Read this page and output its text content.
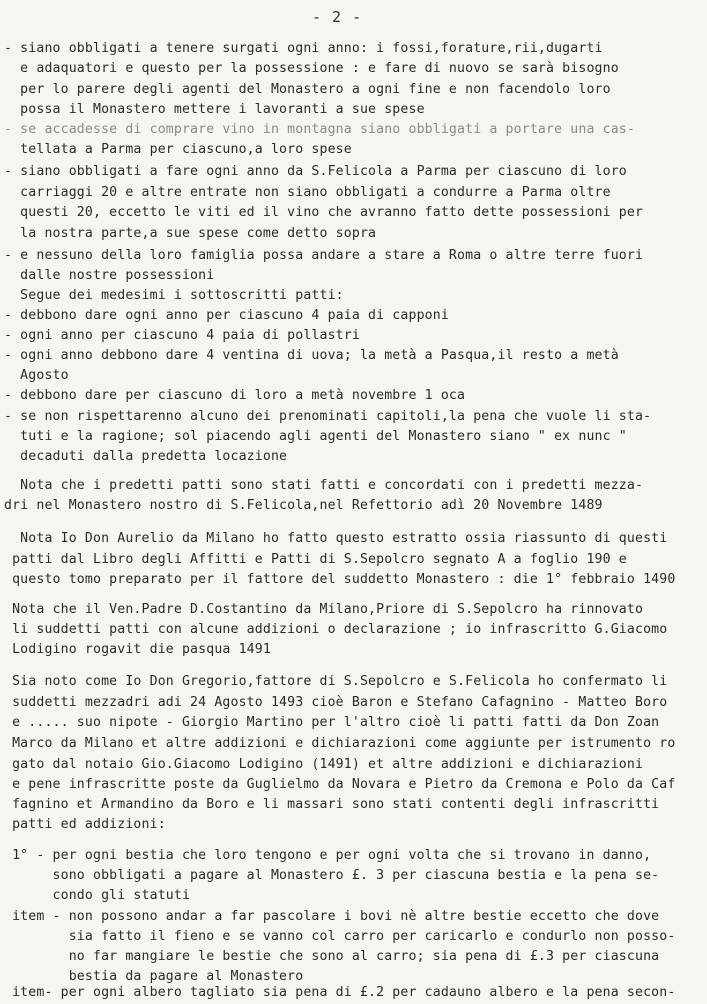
- 2 -
- siano obbligati a tenere surgati ogni anno: i fossi,forature,rii,dugarti
e adaquatori e questo per la possessione : e fare di nuovo se sarà bisogno
per lo parere degli agenti del Monastero a ogni fine e non facendolo loro
possa il Monastero mettere i lavoranti a sue spese
- se accadesse di comprare vino in montagna siano obbligati a portare una cas-
tellata a Parma per ciascuno,a loro spese
- siano obbligati a fare ogni anno da S.Felicola a Parma per ciascuno di loro
carriaggi 20 e altre entrate non siano obbligati a condurre a Parma oltre
questi 20, eccetto le viti ed il vino che avranno fatto dette possessioni per
la nostra parte,a sue spese come detto sopra
- e nessuno della loro famiglia possa andare a stare a Roma o altre terre fuori
dalle nostre possessioni
Segue dei medesimi i sottoscritti patti:
- debbono dare ogni anno per ciascuno 4 paia di capponi
- ogni anno per ciascuno 4 paia di pollastri
- ogni anno debbono dare 4 ventina di uova; la metà a Pasqua,il resto a metà
Agosto
- debbono dare per ciascuno di loro a metà novembre 1 oca
- se non rispettarenno alcuno dei prenominati capitoli,la pena che vuole li sta-
tuti e la ragione; sol piacendo agli agenti del Monastero siano " ex nunc "
decaduti dalla predetta locazione
Nota che i predetti patti sono stati fatti e concordati con i predetti mezza-
dri nel Monastero nostro di S.Felicola,nel Refettorio adì 20 Novembre 1489
Nota Io Don Aurelio da Milano ho fatto questo estratto ossia riassunto di questi
patti dal Libro degli Affitti e Patti di S.Sepolcro segnato A a foglio 190 e
questo tomo preparato per il fattore del suddetto Monastero : die 1° febbraio 1490
Nota che il Ven.Padre D.Costantino da Milano,Priore di S.Sepolcro ha rinnovato
li suddetti patti con alcune addizioni o declarazione ; io infrascritto G.Giacomo
Lodigino rogavit die pasqua 1491
Sia noto come Io Don Gregorio,fattore di S.Sepolcro e S.Felicola ho confermato li
suddetti mezzadri adi 24 Agosto 1493 cioè Baron e Stefano Cafagnino - Matteo Boro
e ..... suo nipote - Giorgio Martino per l'altro cioè li patti fatti da Don Zoan
Marco da Milano et altre addizioni e dichiarazioni come aggiunte per istrumento ro
gato dal notaio Gio.Giacomo Lodigino (1491) et altre addizioni e dichiarazioni
e pene infrascritte poste da Guglielmo da Novara e Pietro da Cremona e Polo da Caf
fagnino et Armandino da Boro e li massari sono stati contenti degli infrascritti
patti ed addizioni:
1° - per ogni bestia che loro tengono e per ogni volta che si trovano in danno,
sono obbligati a pagare al Monastero £. 3 per ciascuna bestia e la pena se-
condo gli statuti
item - non possono andar a far pascolare i bovi nè altre bestie eccetto che dove
sia fatto il fieno e se vanno col carro per caricarlo e condurlo non posso-
no far mangiare le bestie che sono al carro; sia pena di £.3 per ciascuna
bestia da pagare al Monastero
item- per ogni albero tagliato sia pena di £.2 per cadauno albero e la pena secon-
